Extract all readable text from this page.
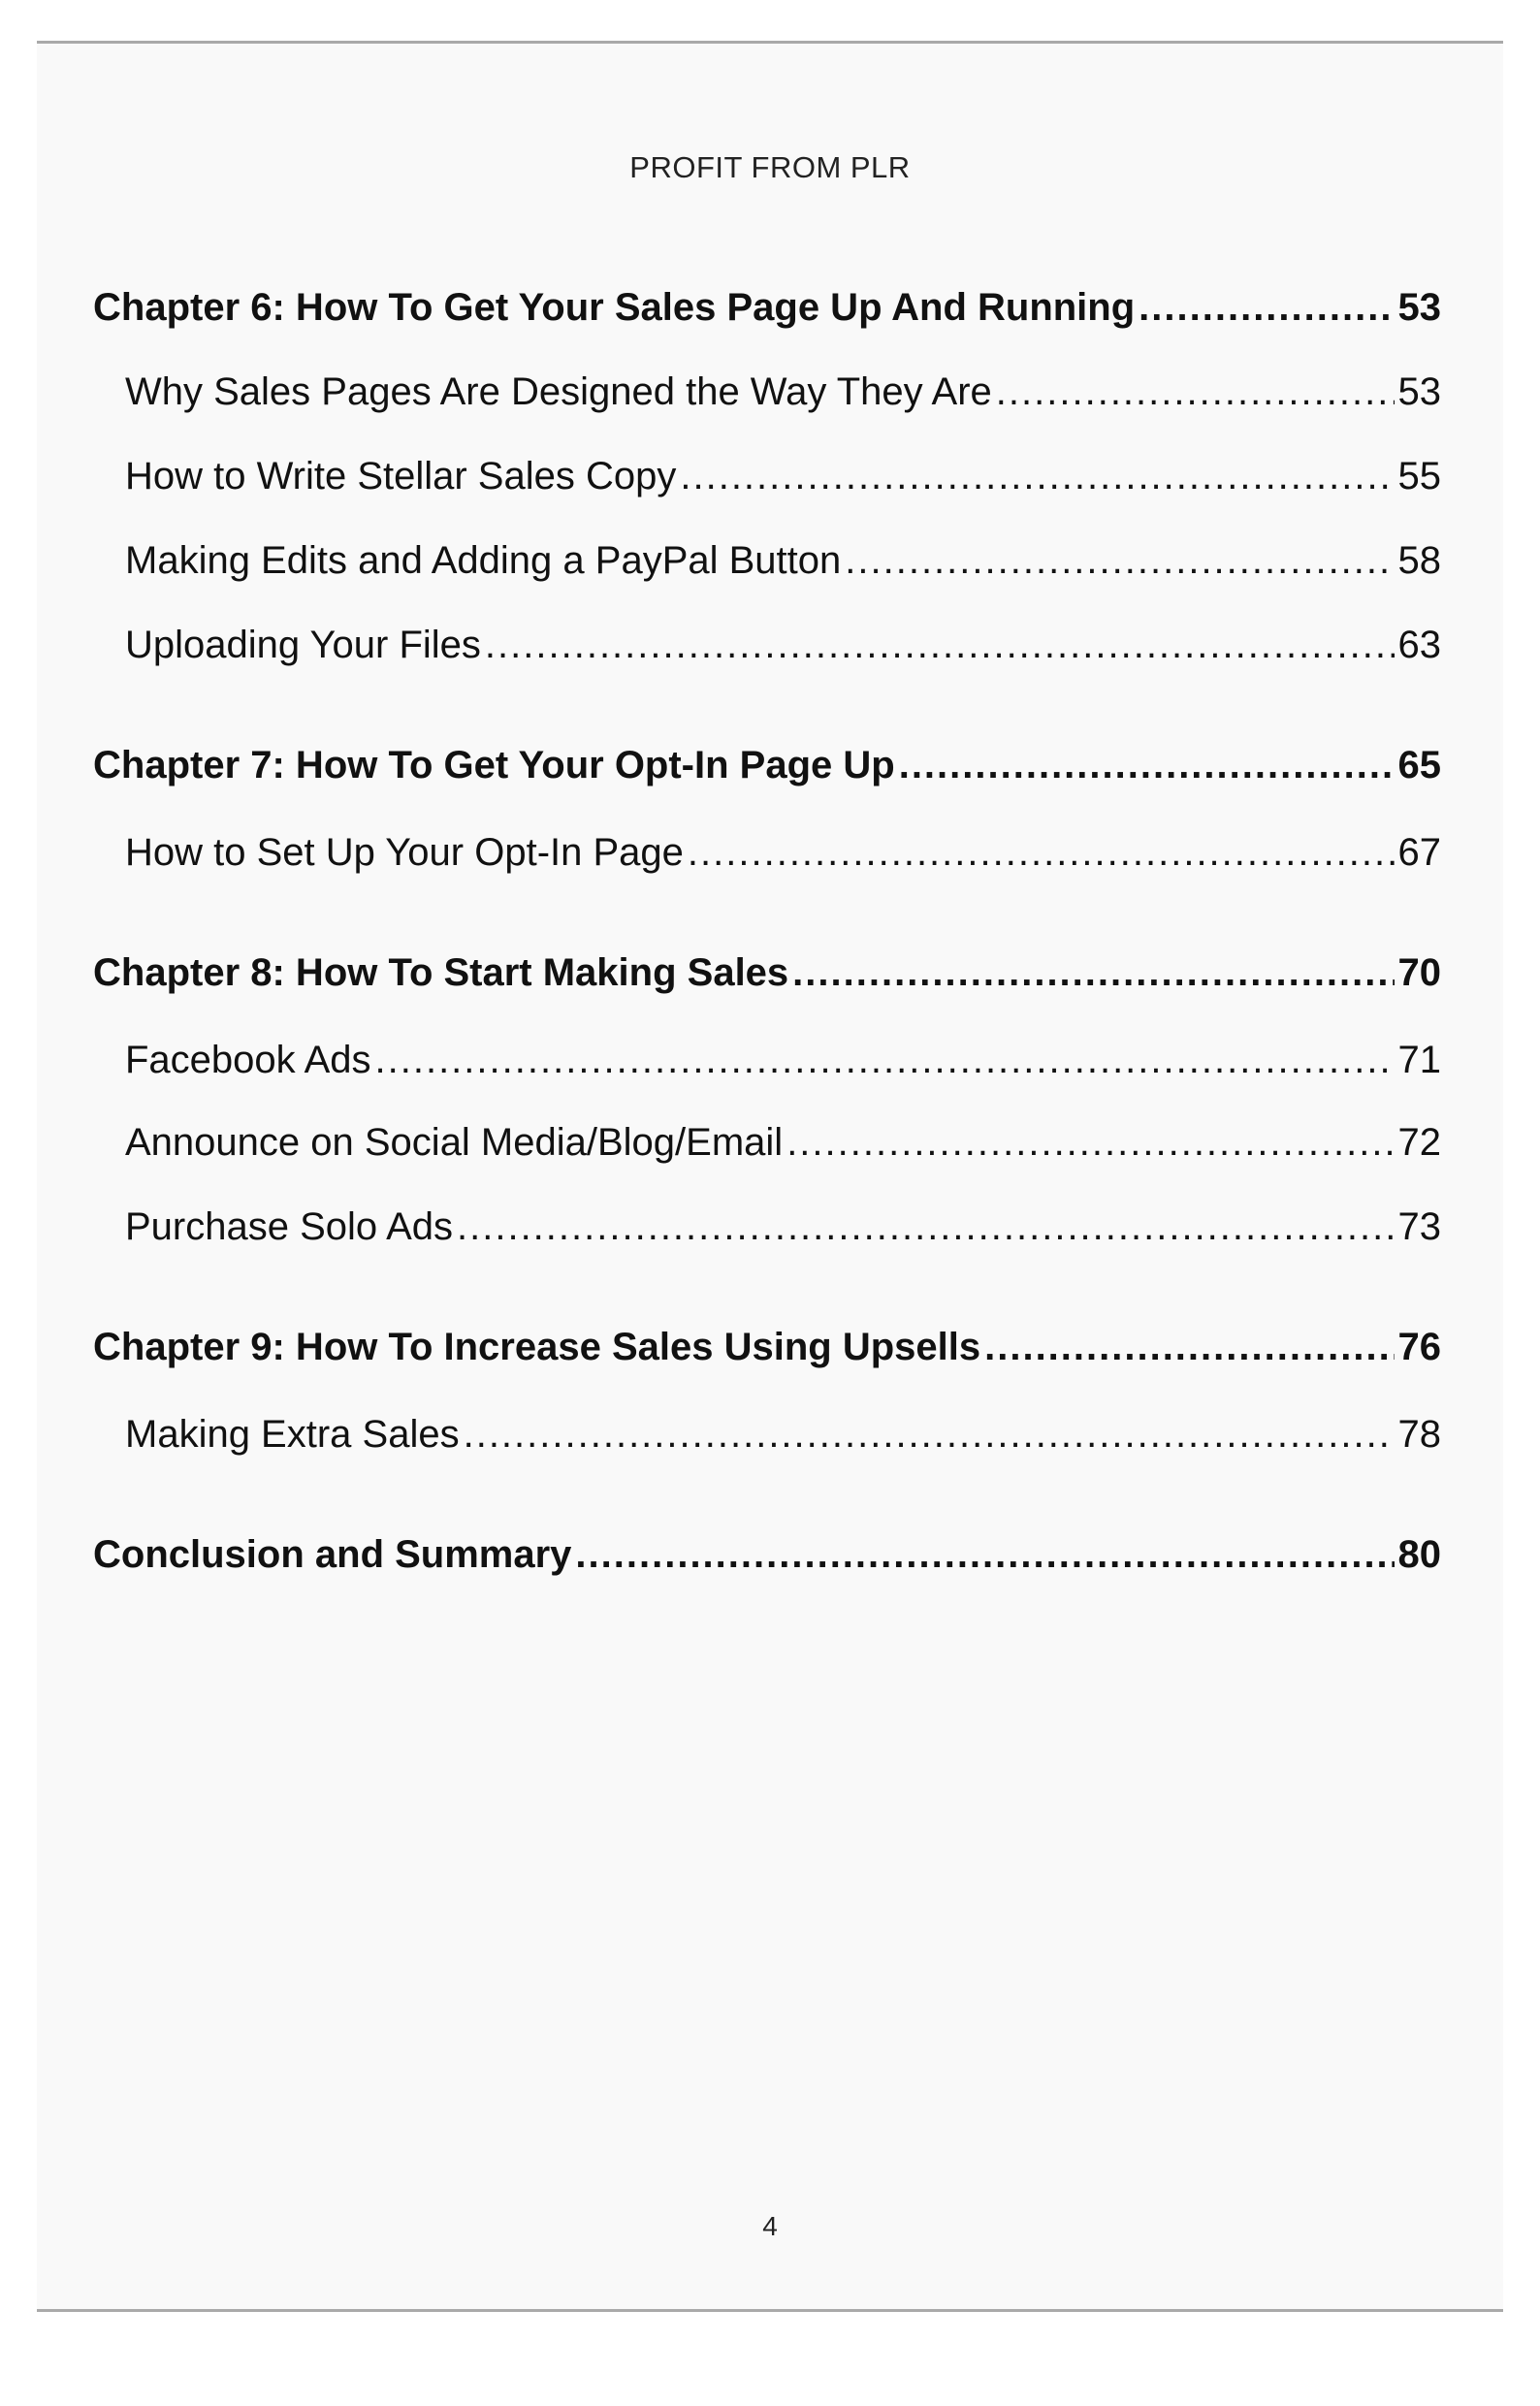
PROFIT FROM PLR
Chapter 6: How To Get Your Sales Page Up And Running .....	53
Why Sales Pages Are Designed the Way They Are .....	53
How to Write Stellar Sales Copy .....	55
Making Edits and Adding a PayPal Button .....	58
Uploading Your Files .....	63
Chapter 7: How To Get Your Opt-In Page Up .....	65
How to Set Up Your Opt-In Page .....	67
Chapter 8: How To Start Making Sales .....	70
Facebook Ads .....	71
Announce on Social Media/Blog/Email .....	72
Purchase Solo Ads .....	73
Chapter 9: How To Increase Sales Using Upsells .....	76
Making Extra Sales .....	78
Conclusion and Summary .....	80
4
